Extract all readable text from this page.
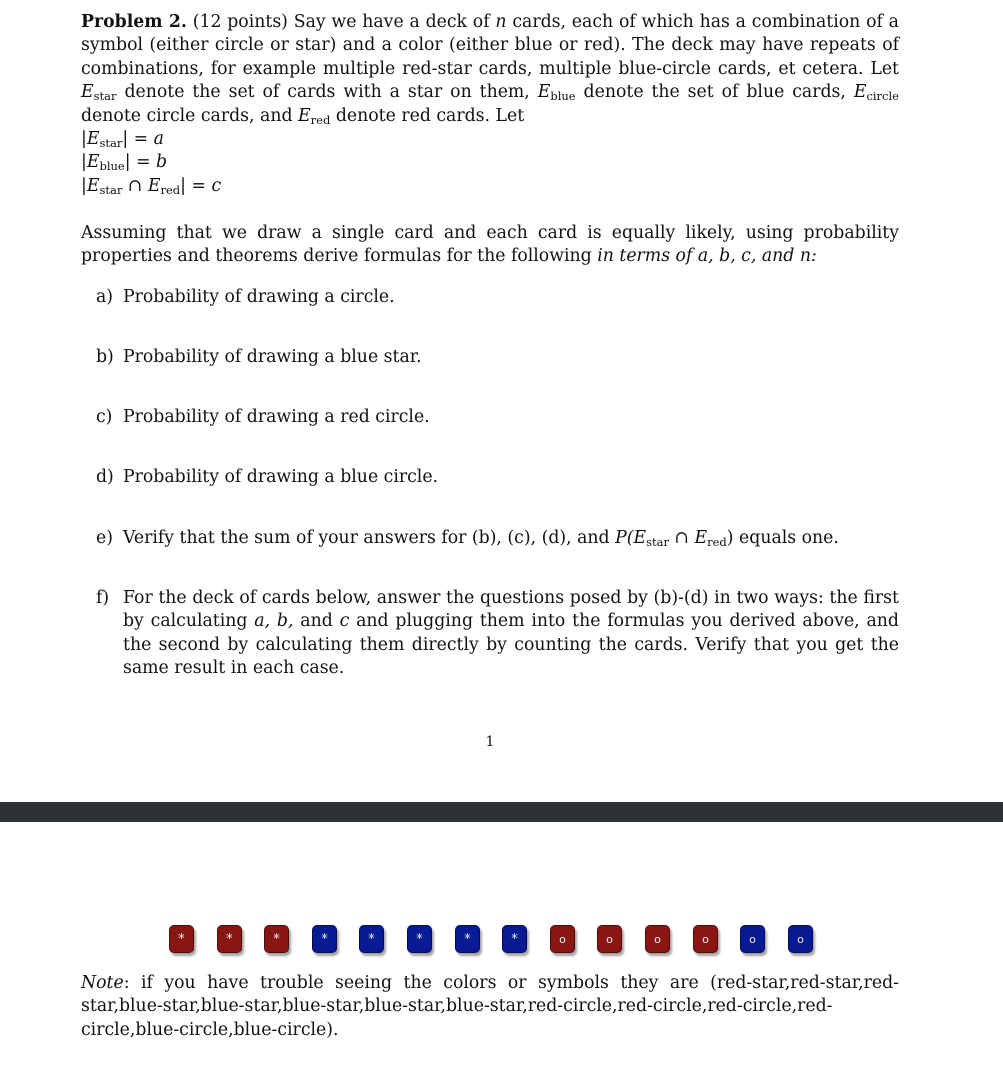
Problem 2. (12 points) Say we have a deck of n cards, each of which has a combination of a symbol (either circle or star) and a color (either blue or red). The deck may have repeats of combinations, for example multiple red-star cards, multiple blue-circle cards, et cetera. Let $E_{star}$ denote the set of cards with a star on them, $E_{blue}$ denote the set of blue cards, $E_{circle}$ denote circle cards, and $E_{red}$ denote red cards. Let
$|E_{star}| = a$
$|E_{blue}| = b$
$|E_{star}$ ∩ $E_{red}| = c$
Assuming that we draw a single card and each card is equally likely, using probability properties and theorems derive formulas for the following in terms of a, b, c, and n:
a) Probability of drawing a circle.
b) Probability of drawing a blue star.
c) Probability of drawing a red circle.
d) Probability of drawing a blue circle.
e) Verify that the sum of your answers for (b), (c), (d), and $P(E_{star}$ ∩ $E_{red}$) equals one.
f) For the deck of cards below, answer the questions posed by (b)-(d) in two ways: the first by calculating a, b, and c and plugging them into the formulas you derived above, and the second by calculating them directly by counting the cards. Verify that you get the same result in each case.
1
*	*	*	*	*	*	*	*	o	o	o	o	o	o
Note: if you have trouble seeing the colors or symbols they are (red-star,red-star,red-star,blue-star,blue-star,blue-star,blue-star,blue-star,red-circle,red-circle,red-circle,red-circle,blue-circle,blue-circle).
